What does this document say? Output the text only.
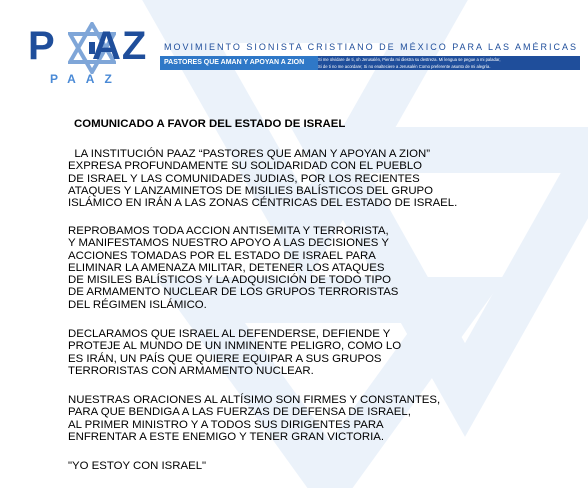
P AZ
PAAZ
MOVIMIENTO SIONISTA CRISTIANO DE MÉXICO PARA LAS AMÉRICAS
PASTORES QUE AMAN Y APOYAN A ZION	Si me olvidare de ti, oh Jerusalén, Pierda mi diestra su destreza. Mi lengua se pegue a mi paladar,
Si de ti no me acordare; Si no enalteciere a Jerusalén Como preferente asunto de mi alegría.
COMUNICADO A FAVOR DEL ESTADO DE ISRAEL
LA INSTITUCIÓN PAAZ “PASTORES QUE AMAN Y APOYAN A ZION”
EXPRESA PROFUNDAMENTE SU SOLIDARIDAD CON EL PUEBLO
DE ISRAEL Y LAS COMUNIDADES JUDIAS, POR LOS RECIENTES
ATAQUES Y LANZAMINETOS DE MISILIES BALÍSTICOS DEL GRUPO
ISLÁMICO EN IRÁN A LAS ZONAS CÉNTRICAS DEL ESTADO DE ISRAEL.
REPROBAMOS TODA ACCION ANTISEMITA Y TERRORISTA,
Y MANIFESTAMOS NUESTRO APOYO A LAS DECISIONES Y
ACCIONES TOMADAS POR EL ESTADO DE ISRAEL PARA
ELIMINAR LA AMENAZA MILITAR, DETENER LOS ATAQUES
DE MISILES BALÍSTICOS Y LA ADQUISICIÓN DE TODO TIPO
DE ARMAMENTO NUCLEAR DE LOS GRUPOS TERRORISTAS
DEL RÉGIMEN ISLÁMICO.
DECLARAMOS QUE ISRAEL AL DEFENDERSE, DEFIENDE Y
PROTEJE AL MUNDO DE UN INMINENTE PELIGRO, COMO LO
ES IRÁN, UN PAÍS QUE QUIERE EQUIPAR A SUS GRUPOS
TERRORISTAS CON ARMAMENTO NUCLEAR.
NUESTRAS ORACIONES AL ALTÍSIMO SON FIRMES Y CONSTANTES,
PARA QUE BENDIGA A LAS FUERZAS DE DEFENSA DE ISRAEL,
AL PRIMER MINISTRO Y A TODOS SUS DIRIGENTES PARA
ENFRENTAR A ESTE ENEMIGO Y TENER GRAN VICTORIA.
"YO ESTOY CON ISRAEL"
